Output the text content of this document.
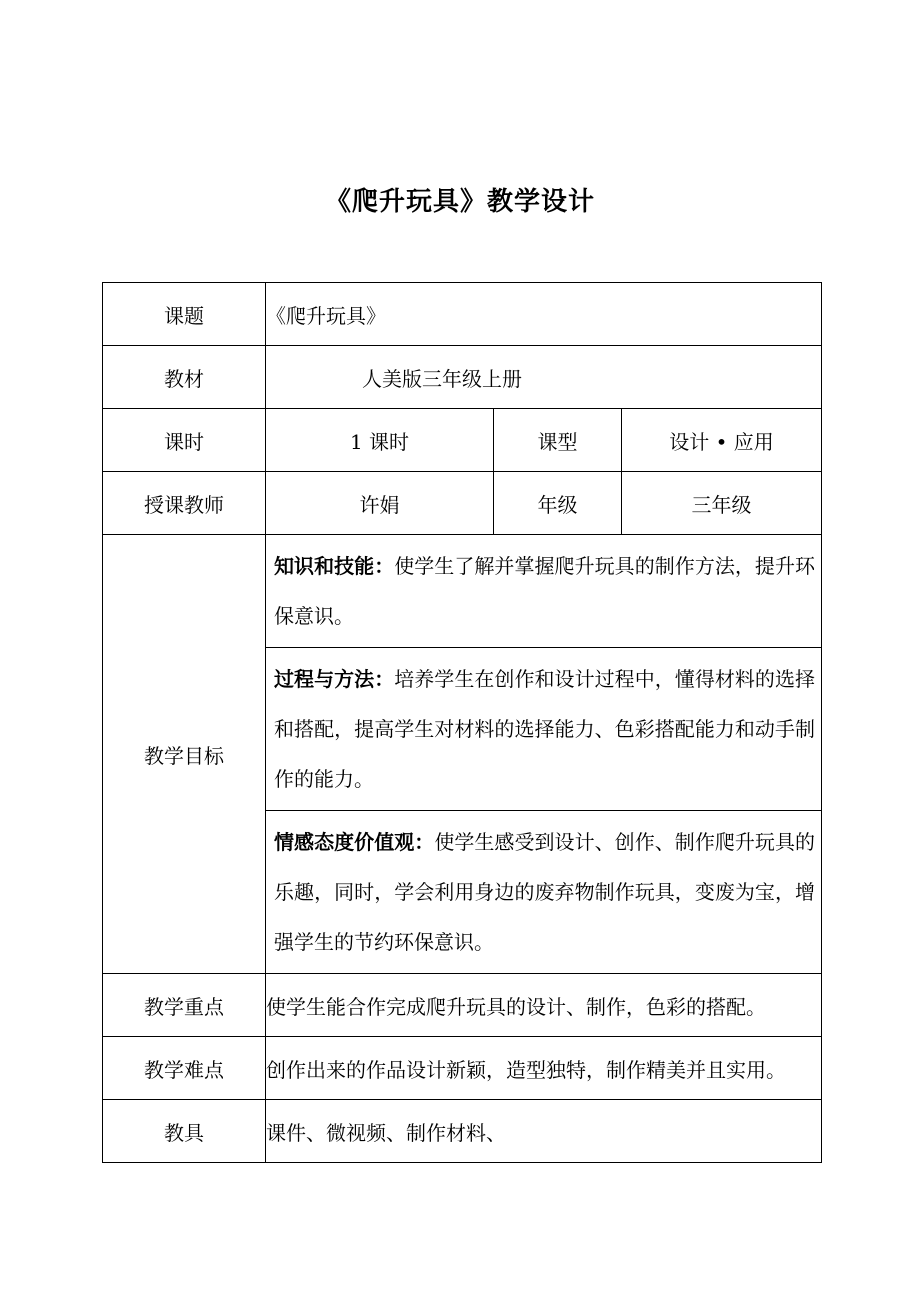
《爬升玩具》教学设计
课题	《爬升玩具》		
教材	人美版三年级上册		
课时	1 课时	课型	设计 • 应用
授课教师	许娟	年级	三年级
教学目标	知识和技能：使学生了解并掌握爬升玩具的制作方法，提升环保意识。		
	过程与方法：培养学生在创作和设计过程中，懂得材料的选择和搭配，提高学生对材料的选择能力、色彩搭配能力和动手制作的能力。		
	情感态度价值观：使学生感受到设计、创作、制作爬升玩具的乐趣，同时，学会利用身边的废弃物制作玩具，变废为宝，增强学生的节约环保意识。		
教学重点	使学生能合作完成爬升玩具的设计、制作，色彩的搭配。		
教学难点	创作出来的作品设计新颖，造型独特，制作精美并且实用。		
教具	课件、微视频、制作材料、		
